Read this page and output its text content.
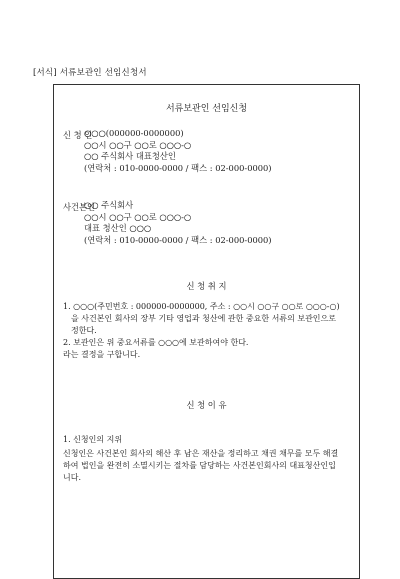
[서식] 서류보관인 선임신청서
서류보관인 선임신청
신 청 인
○○○(000000-0000000)
○○시 ○○구 ○○로 ○○○-○
○○ 주식회사 대표청산인
(연락처 : 010-0000-0000 / 팩스 : 02-000-0000)
사건본인
○○ 주식회사
○○시 ○○구 ○○로 ○○○-○
대표 청산인 ○○○
(연락처 : 010-0000-0000 / 팩스 : 02-000-0000)
신 청 취 지
1. ○○○(주민번호 : 000000-0000000, 주소 : ○○시 ○○구 ○○로 ○○○-○)
을 사건본인 회사의 장부 기타 영업과 청산에 관한 중요한 서류의 보관인으로
정한다.
2. 보관인은 위 중요서류를 ○○○에 보관하여야 한다.
라는 결정을 구합니다.
신 청 이 유
1. 신청인의 지위
신청인은 사건본인 회사의 해산 후 남은 재산을 정리하고 채권 채무를 모두 해결
하여 법인을 완전히 소멸시키는 절차를 담당하는 사건본인회사의 대표청산인입
니다.
